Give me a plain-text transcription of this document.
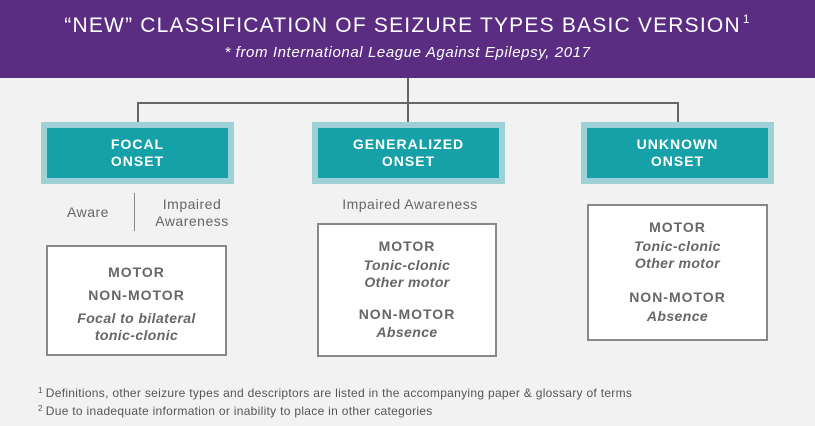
“NEW” CLASSIFICATION OF SEIZURE TYPES BASIC VERSION $^1$
* from International League Against Epilepsy, 2017
FOCAL
ONSET
GENERALIZED
ONSET
UNKNOWN
ONSET
Aware	Impaired
Awareness
Impaired Awareness
MOTOR
NON-MOTOR
Focal to bilateral
tonic-clonic
MOTOR
Tonic-clonic
Other motor
NON-MOTOR
Absence
MOTOR
Tonic-clonic
Other motor
NON-MOTOR
Absence
$^1$ Definitions, other seizure types and descriptors are listed in the accompanying paper & glossary of terms
$^2$ Due to inadequate information or inability to place in other categories
